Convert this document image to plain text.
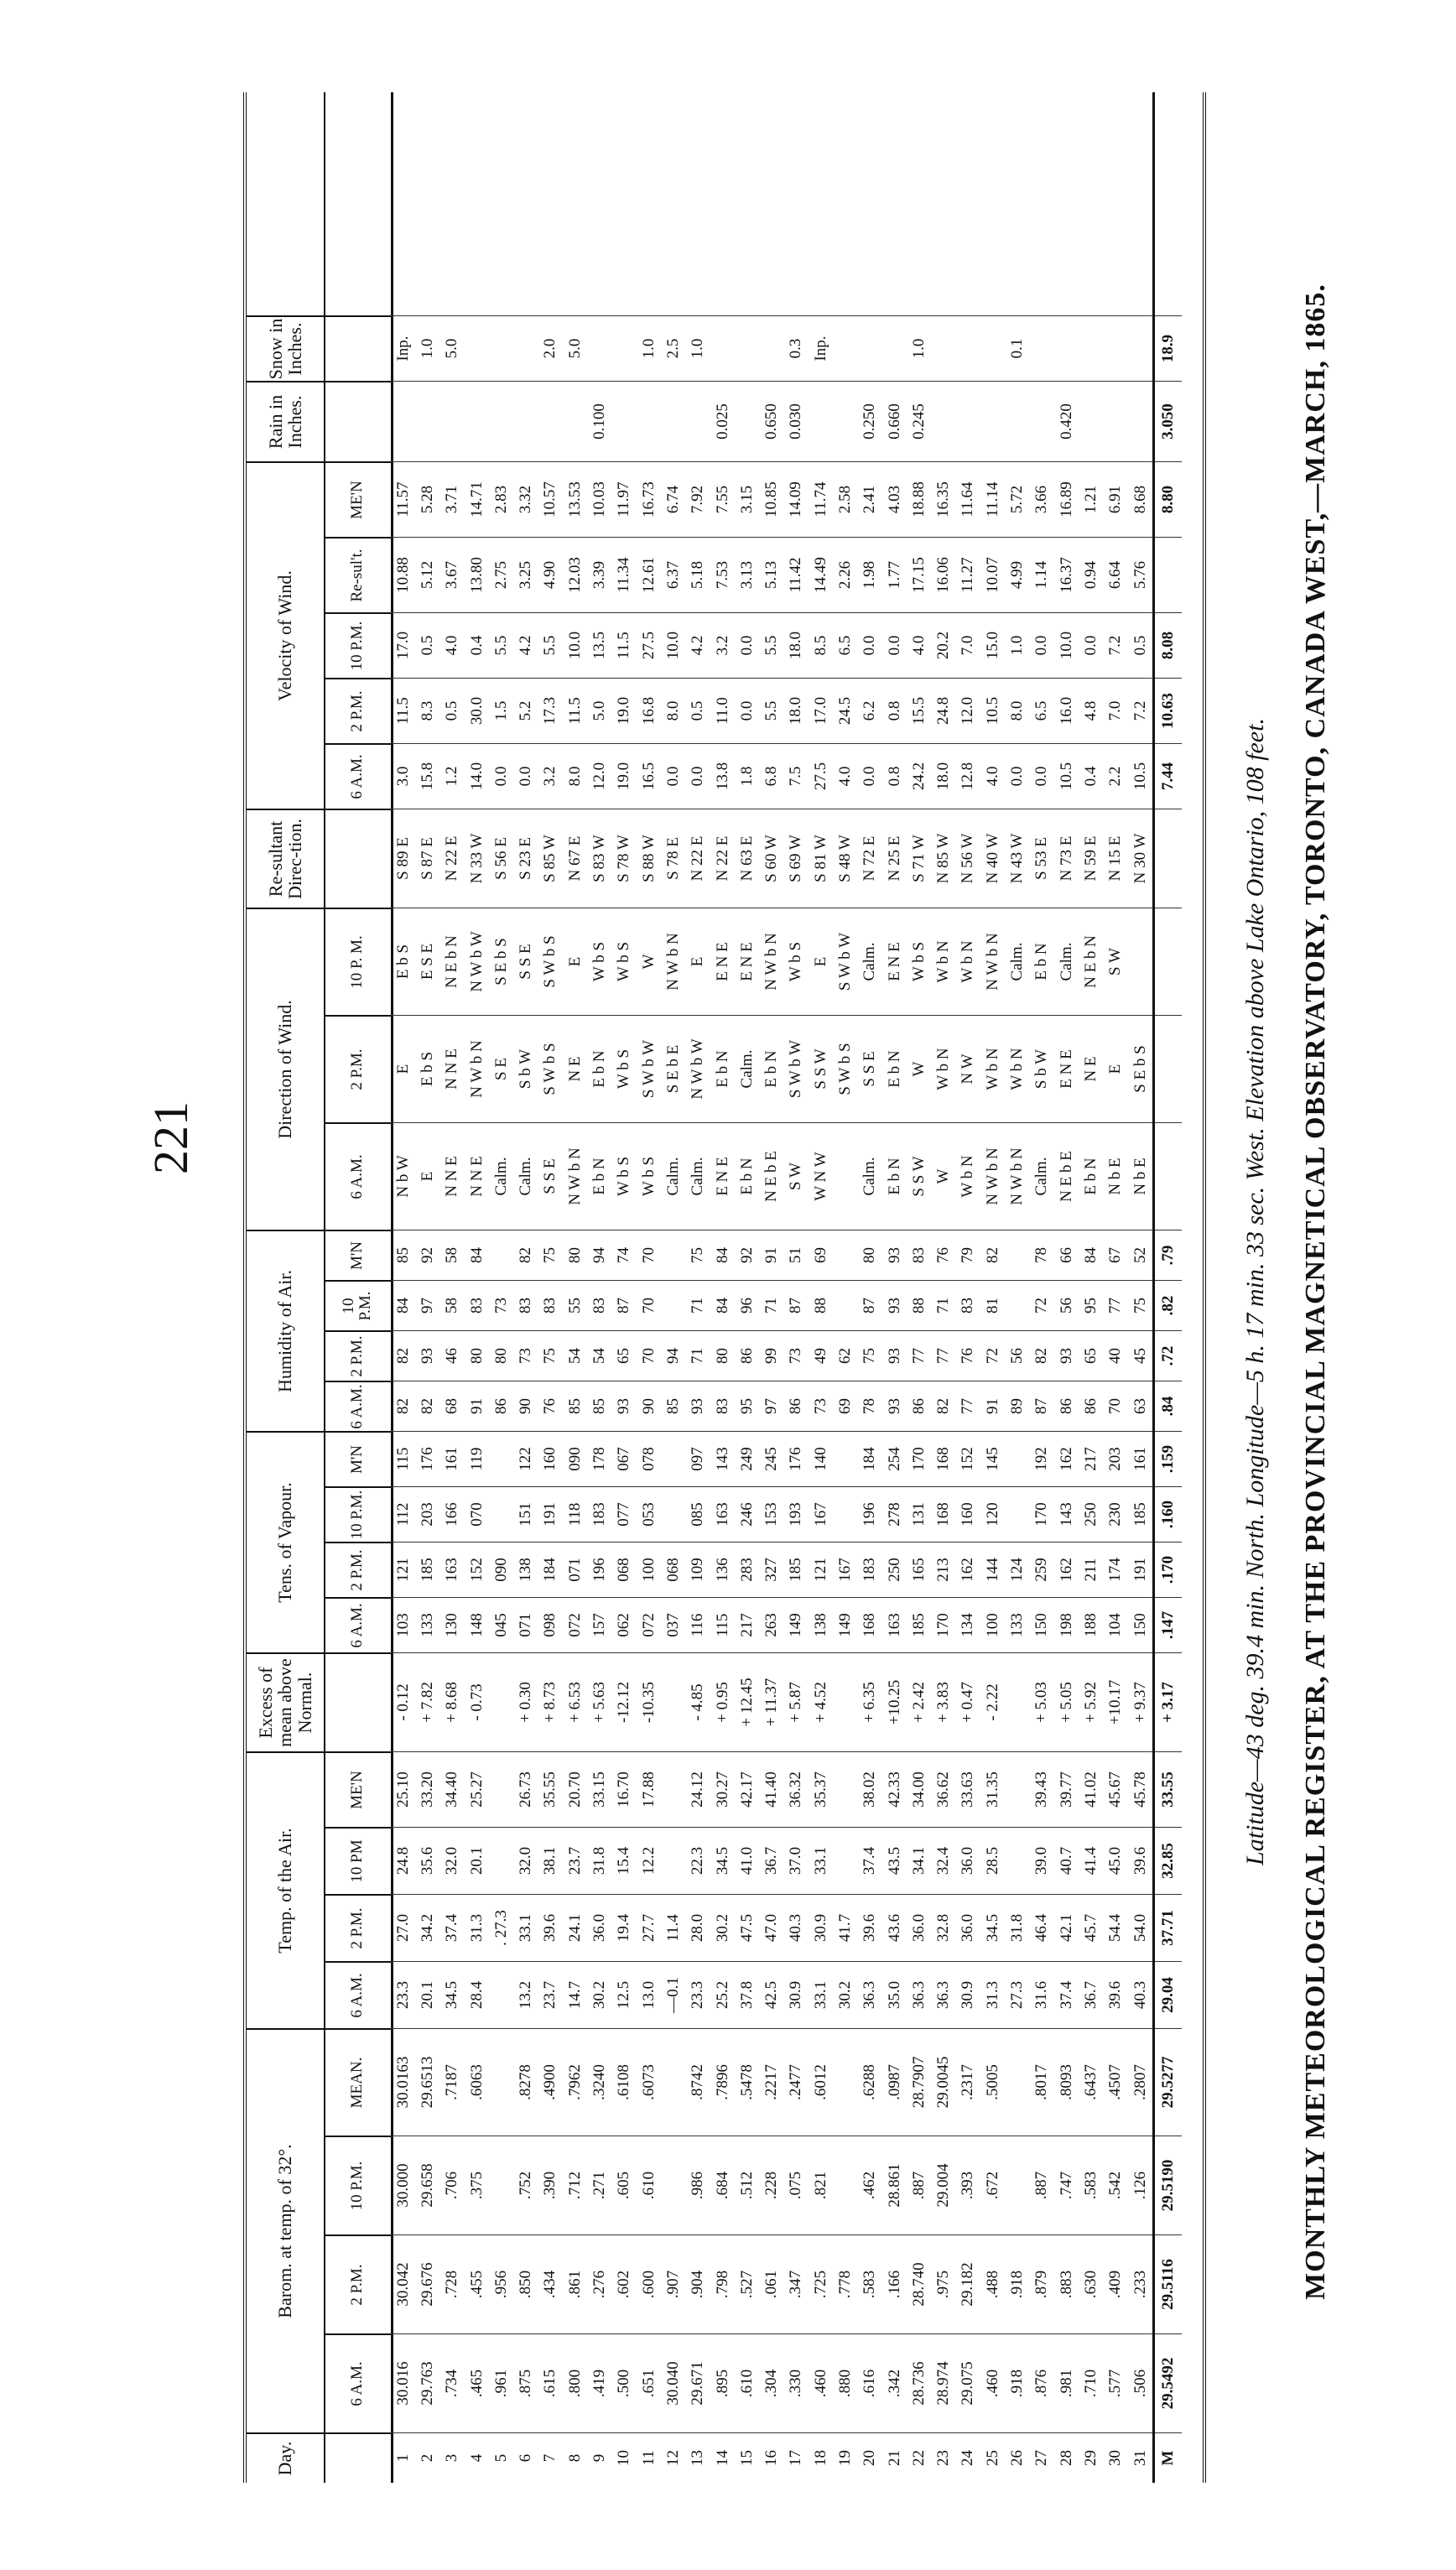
221	MONTHLY METEOROLOGICAL REGISTER, AT THE PROVINCIAL MAGNETICAL OBSERVATORY, TORONTO, CANADA WEST,—MARCH, 1865.
Latitude—43 deg. 39.4 min. North. Longitude—5 h. 17 min. 33 sec. West. Elevation above Lake Ontario, 108 feet.
Day.
Barom. at temp. of 32°.
Temp. of the Air.
Excess of mean above Normal.
Tens. of Vapour.
Humidity of Air.
Direction of Wind.
Re-sultant Direc-tion.
Velocity of Wind.
Rain in Inches.
Snow in Inches.
6 A.M.
2 P.M.
10 P.M.
MEAN.
6 A.M.
2 P.M.
10 PM
ME'N
6 A.M.
2 P.M.
10 P.M.
M'N
6 A.M.
2 P.M.
10 P.M.
M'N
6 A.M.
2 P.M.
10 P. M.
6 A.M.
2 P.M.
10 P.M.
Re-sul't.
ME'N
1
30.016
30.042
30.000
30.0163
23.3
27.0
24.8
25.10
- 0.12
103
121
112
115
82
82
84
85
N b W
E
E b S
S 89 E
3.0
11.5
17.0
10.88
11.57
Inp.
2
29.763
29.676
29.658
29.6513
20.1
34.2
35.6
33.20
+ 7.82
133
185
203
176
82
93
97
92
E
E b S
E S E
S 87 E
15.8
8.3
0.5
5.12
5.28
1.0
3
.734
.728
.706
.7187
34.5
37.4
32.0
34.40
+ 8.68
130
163
166
161
68
46
58
58
N N E
N N E
N E b N
N 22 E
1.2
0.5
4.0
3.67
3.71
5.0
4
.465
.455
.375
.6063
28.4
31.3
20.1
25.27
- 0.73
148
152
070
119
91
80
83
84
N N E
N W b N
N W b W
N 33 W
14.0
30.0
0.4
13.80
14.71
5
.961
.956
. 27.3
045
090
86
80
73
Calm.
S E
S E b S
S 56 E
0.0
1.5
5.5
2.75
2.83
6
.875
.850
.752
.8278
13.2
33.1
32.0
26.73
+ 0.30
071
138
151
122
90
73
83
82
Calm.
S b W
S S E
S 23 E
0.0
5.2
4.2
3.25
3.32
7
.615
.434
.390
.4900
23.7
39.6
38.1
35.55
+ 8.73
098
184
191
160
76
75
83
75
S S E
S W b S
S W b S
S 85 W
3.2
17.3
5.5
4.90
10.57
2.0
8
.800
.861
.712
.7962
14.7
24.1
23.7
20.70
+ 6.53
072
071
118
090
85
54
55
80
N W b N
N E
E
N 67 E
8.0
11.5
10.0
12.03
13.53
5.0
9
.419
.276
.271
.3240
30.2
36.0
31.8
33.15
+ 5.63
157
196
183
178
85
54
83
94
E b N
E b N
W b S
S 83 W
12.0
5.0
13.5
3.39
10.03
0.100
10
.500
.602
.605
.6108
12.5
19.4
15.4
16.70
-12.12
062
068
077
067
93
65
87
74
W b S
W b S
W b S
S 78 W
19.0
19.0
11.5
11.34
11.97
11
.651
.600
.610
.6073
13.0
27.7
12.2
17.88
-10.35
072
100
053
078
90
70
70
70
W b S
S W b W
W
S 88 W
16.5
16.8
27.5
12.61
16.73
1.0
12
30.040
.907
—0.1
11.4
037
068
85
94
Calm.
S E b E
N W b N
S 78 E
0.0
8.0
10.0
6.37
6.74
2.5
13
29.671
.904
.986
.8742
23.3
28.0
22.3
24.12
- 4.85
116
109
085
097
93
71
71
75
Calm.
N W b W
E
N 22 E
0.0
0.5
4.2
5.18
7.92
1.0
14
.895
.798
.684
.7896
25.2
30.2
34.5
30.27
+ 0.95
115
136
163
143
83
80
84
84
E N E
E b N
E N E
N 22 E
13.8
11.0
3.2
7.53
7.55
0.025
15
.610
.527
.512
.5478
37.8
47.5
41.0
42.17
+ 12.45
217
283
246
249
95
86
96
92
E b N
Calm.
E N E
N 63 E
1.8
0.0
0.0
3.13
3.15
16
.304
.061
.228
.2217
42.5
47.0
36.7
41.40
+ 11.37
263
327
153
245
97
99
71
91
N E b E
E b N
N W b N
S 60 W
6.8
5.5
5.5
5.13
10.85
0.650
17
.330
.347
.075
.2477
30.9
40.3
37.0
36.32
+ 5.87
149
185
193
176
86
73
87
51
S W
S W b W
W b S
S 69 W
7.5
18.0
18.0
11.42
14.09
0.030
0.3
18
.460
.725
.821
.6012
33.1
30.9
33.1
35.37
+ 4.52
138
121
167
140
73
49
88
69
W N W
S S W
E
S 81 W
27.5
17.0
8.5
14.49
11.74
Inp.
19
.880
.778
30.2
41.7
149
167
69
62
S W b S
S W b W
S 48 W
4.0
24.5
6.5
2.26
2.58
20
.616
.583
.462
.6288
36.3
39.6
37.4
38.02
+ 6.35
168
183
196
184
78
75
87
80
Calm.
S S E
Calm.
N 72 E
0.0
6.2
0.0
1.98
2.41
0.250
21
.342
.166
28.861
.0987
35.0
43.6
43.5
42.33
+10.25
163
250
278
254
93
93
93
93
E b N
E b N
E N E
N 25 E
0.8
0.8
0.0
1.77
4.03
0.660
22
28.736
28.740
.887
28.7907
36.3
36.0
34.1
34.00
+ 2.42
185
165
131
170
86
77
88
83
S S W
W
W b S
S 71 W
24.2
15.5
4.0
17.15
18.88
0.245
1.0
23
28.974
.975
29.004
29.0045
36.3
32.8
32.4
36.62
+ 3.83
170
213
168
168
82
77
71
76
W
W b N
W b N
N 85 W
18.0
24.8
20.2
16.06
16.35
24
29.075
29.182
.393
.2317
30.9
36.0
36.0
33.63
+ 0.47
134
162
160
152
77
76
83
79
W b N
N W
W b N
N 56 W
12.8
12.0
7.0
11.27
11.64
25
.460
.488
.672
.5005
31.3
34.5
28.5
31.35
- 2.22
100
144
120
145
91
72
81
82
N W b N
W b N
N W b N
N 40 W
4.0
10.5
15.0
10.07
11.14
26
.918
.918
27.3
31.8
133
124
89
56
N W b N
W b N
Calm.
N 43 W
0.0
8.0
1.0
4.99
5.72
0.1
27
.876
.879
.887
.8017
31.6
46.4
39.0
39.43
+ 5.03
150
259
170
192
87
82
72
78
Calm.
S b W
E b N
S 53 E
0.0
6.5
0.0
1.14
3.66
28
.981
.883
.747
.8093
37.4
42.1
40.7
39.77
+ 5.05
198
162
143
162
86
93
56
66
N E b E
E N E
Calm.
N 73 E
10.5
16.0
10.0
16.37
16.89
0.420
29
.710
.630
.583
.6437
36.7
45.7
41.4
41.02
+ 5.92
188
211
250
217
86
65
95
84
E b N
N E
N E b N
N 59 E
0.4
4.8
0.0
0.94
1.21
30
.577
.409
.542
.4507
39.6
54.4
45.0
45.67
+10.17
104
174
230
203
70
40
77
67
N b E
E
S W
N 15 E
2.2
7.0
7.2
6.64
6.91
31
.506
.233
.126
.2807
40.3
54.0
39.6
45.78
+ 9.37
150
191
185
161
63
45
75
52
N b E
S E b S
N 30 W
10.5
7.2
0.5
5.76
8.68
M
29.5492
29.5116
29.5190
29.5277
29.04
37.71
32.85
33.55
+ 3.17
.147
.170
.160
.159
.84
.72
.82
.79
7.44
10.63
8.08
8.80
3.050
18.9
